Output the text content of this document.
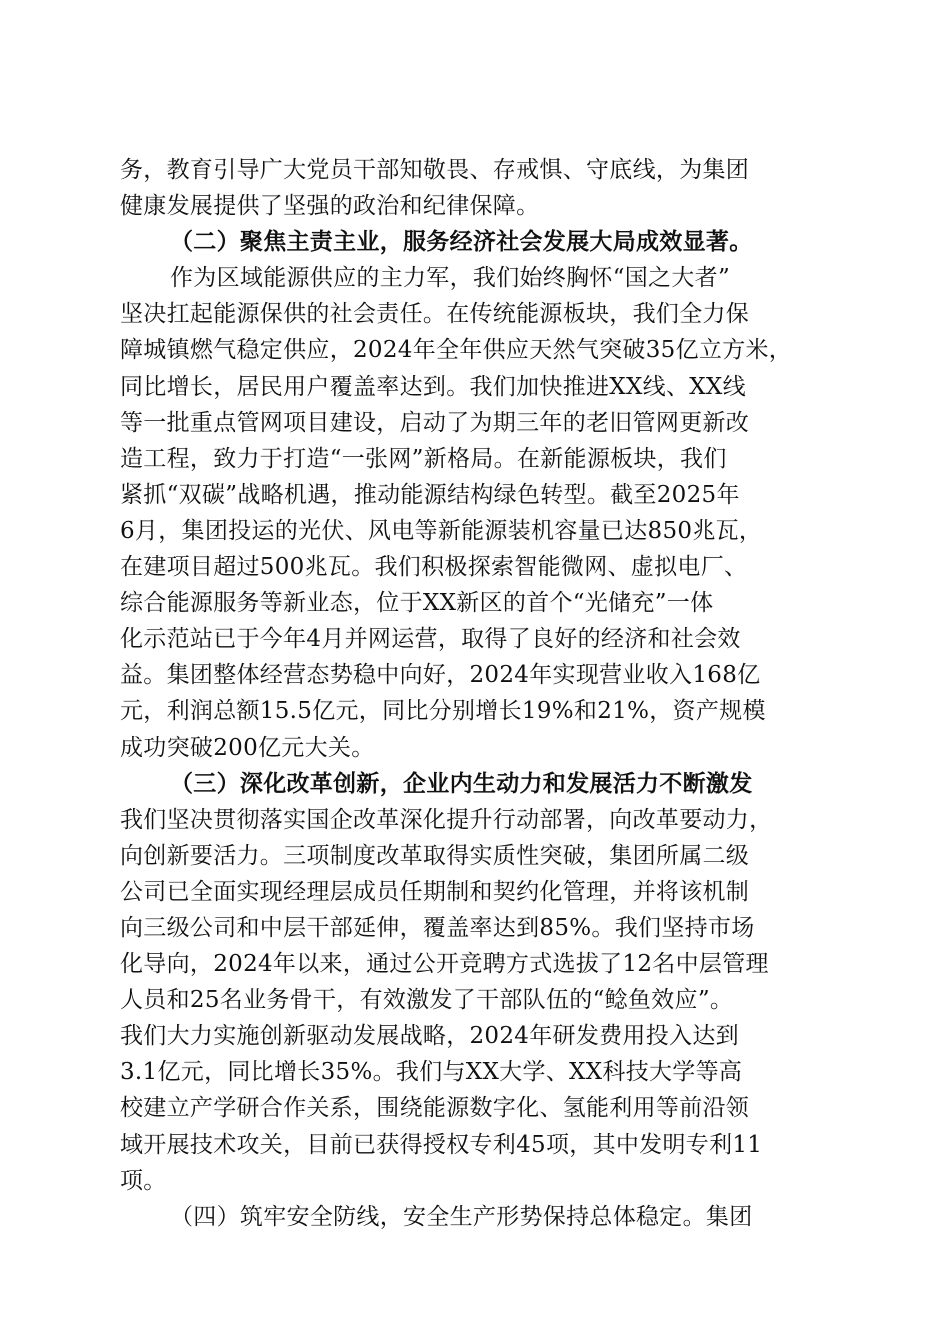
务，教育引导广大党员干部知敬畏、存戒惧、守底线，为集团
健康发展提供了坚强的政治和纪律保障。
（二）聚焦主责主业，服务经济社会发展大局成效显著。
作为区域能源供应的主力军，我们始终胸怀“国之大者”
坚决扛起能源保供的社会责任。在传统能源板块，我们全力保
障城镇燃气稳定供应，2024年全年供应天然气突破35亿立方米，
同比增长，居民用户覆盖率达到。我们加快推进XX线、XX线
等一批重点管网项目建设，启动了为期三年的老旧管网更新改
造工程，致力于打造“一张网”新格局。在新能源板块，我们
紧抓“双碳”战略机遇，推动能源结构绿色转型。截至2025年
6月，集团投运的光伏、风电等新能源装机容量已达850兆瓦，
在建项目超过500兆瓦。我们积极探索智能微网、虚拟电厂、
综合能源服务等新业态，位于XX新区的首个“光储充”一体
化示范站已于今年4月并网运营，取得了良好的经济和社会效
益。集团整体经营态势稳中向好，2024年实现营业收入168亿
元，利润总额15.5亿元，同比分别增长19%和21%，资产规模
成功突破200亿元大关。
（三）深化改革创新，企业内生动力和发展活力不断激发
我们坚决贯彻落实国企改革深化提升行动部署，向改革要动力，
向创新要活力。三项制度改革取得实质性突破，集团所属二级
公司已全面实现经理层成员任期制和契约化管理，并将该机制
向三级公司和中层干部延伸，覆盖率达到85%。我们坚持市场
化导向，2024年以来，通过公开竞聘方式选拔了12名中层管理
人员和25名业务骨干，有效激发了干部队伍的“鲶鱼效应”。
我们大力实施创新驱动发展战略，2024年研发费用投入达到
3.1亿元，同比增长35%。我们与XX大学、XX科技大学等高
校建立产学研合作关系，围绕能源数字化、氢能利用等前沿领
域开展技术攻关，目前已获得授权专利45项，其中发明专利11
项。
（四）筑牢安全防线，安全生产形势保持总体稳定。集团
